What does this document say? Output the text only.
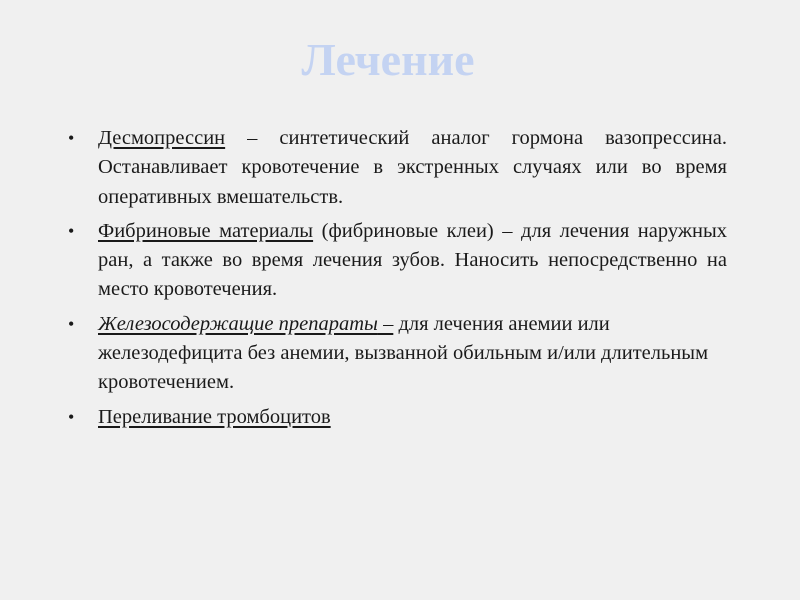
Лечение
•	Десмопрессин – синтетический аналог гормона вазопрессина. Останавливает кровотечение в экстренных случаях или во время оперативных вмешательств.
•	Фибриновые материалы (фибриновые клеи) – для лечения наружных ран, а также во время лечения зубов. Наносить непосредственно на место кровотечения.
•	Железосодержащие препараты – для лечения анемии или железодефицита без анемии, вызванной обильным и/или длительным кровотечением.
•	Переливание тромбоцитов
